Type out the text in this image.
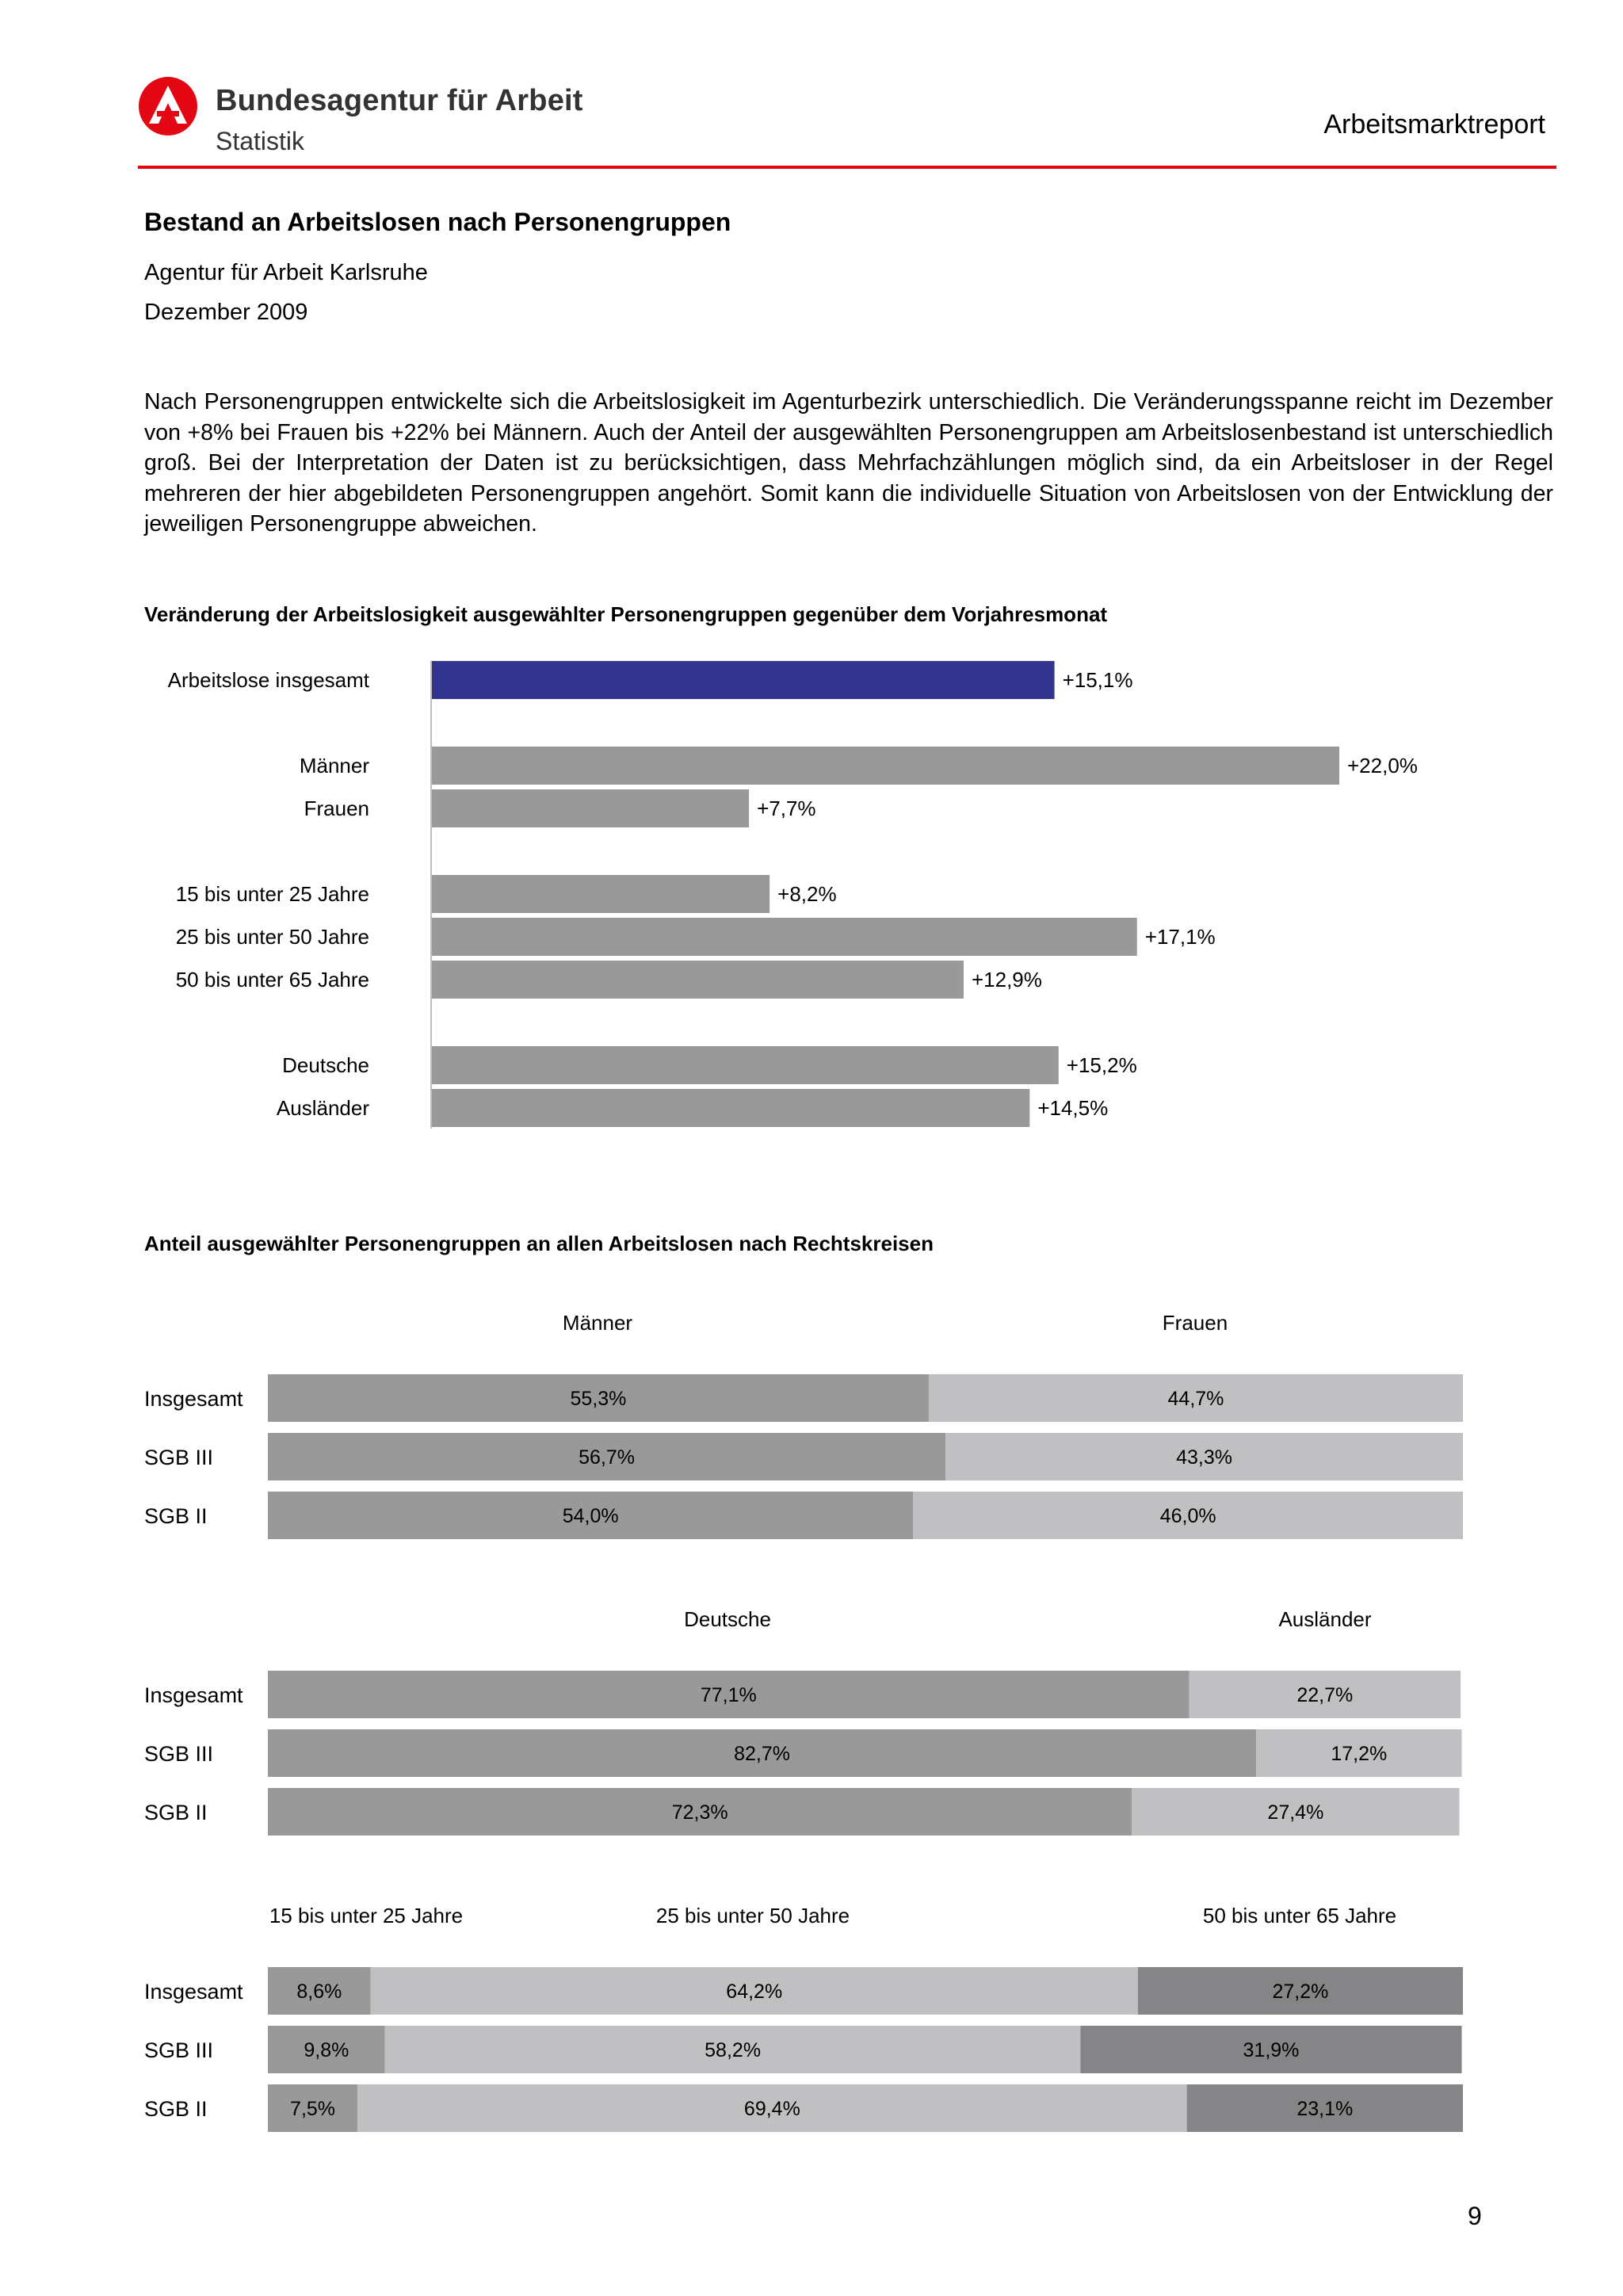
Bundesagentur für Arbeit
Statistik
Arbeitsmarktreport
Bestand an Arbeitslosen nach Personengruppen
Agentur für Arbeit Karlsruhe
Dezember 2009
Nach Personengruppen entwickelte sich die Arbeitslosigkeit im Agenturbezirk unterschiedlich. Die Veränderungsspanne reicht im Dezember von +8% bei Frauen bis +22% bei Männern. Auch der Anteil der ausgewählten Personengruppen am Arbeitslosenbestand ist unterschiedlich groß. Bei der Interpretation der Daten ist zu berücksichtigen, dass Mehrfachzählungen möglich sind, da ein Arbeitsloser in der Regel mehreren der hier abgebildeten Personengruppen angehört. Somit kann die individuelle Situation von Arbeitslosen von der Entwicklung der jeweiligen Personengruppe abweichen.
Veränderung der Arbeitslosigkeit ausgewählter Personengruppen gegenüber dem Vorjahresmonat
Arbeitslose insgesamt	+15,1%
Männer	+22,0%
Frauen	+7,7%
15 bis unter 25 Jahre	+8,2%
25 bis unter 50 Jahre	+17,1%
50 bis unter 65 Jahre	+12,9%
Deutsche	+15,2%
Ausländer	+14,5%
Anteil ausgewählter Personengruppen an allen Arbeitslosen nach Rechtskreisen
Männer	Frauen
Insgesamt	55,3%	44,7%
SGB III	56,7%	43,3%
SGB II	54,0%	46,0%
Deutsche	Ausländer
Insgesamt	77,1%	22,7%
SGB III	82,7%	17,2%
SGB II	72,3%	27,4%
15 bis unter 25 Jahre	25 bis unter 50 Jahre	50 bis unter 65 Jahre
Insgesamt	8,6%	64,2%	27,2%
SGB III	9,8%	58,2%	31,9%
SGB II	7,5%	69,4%	23,1%
9
